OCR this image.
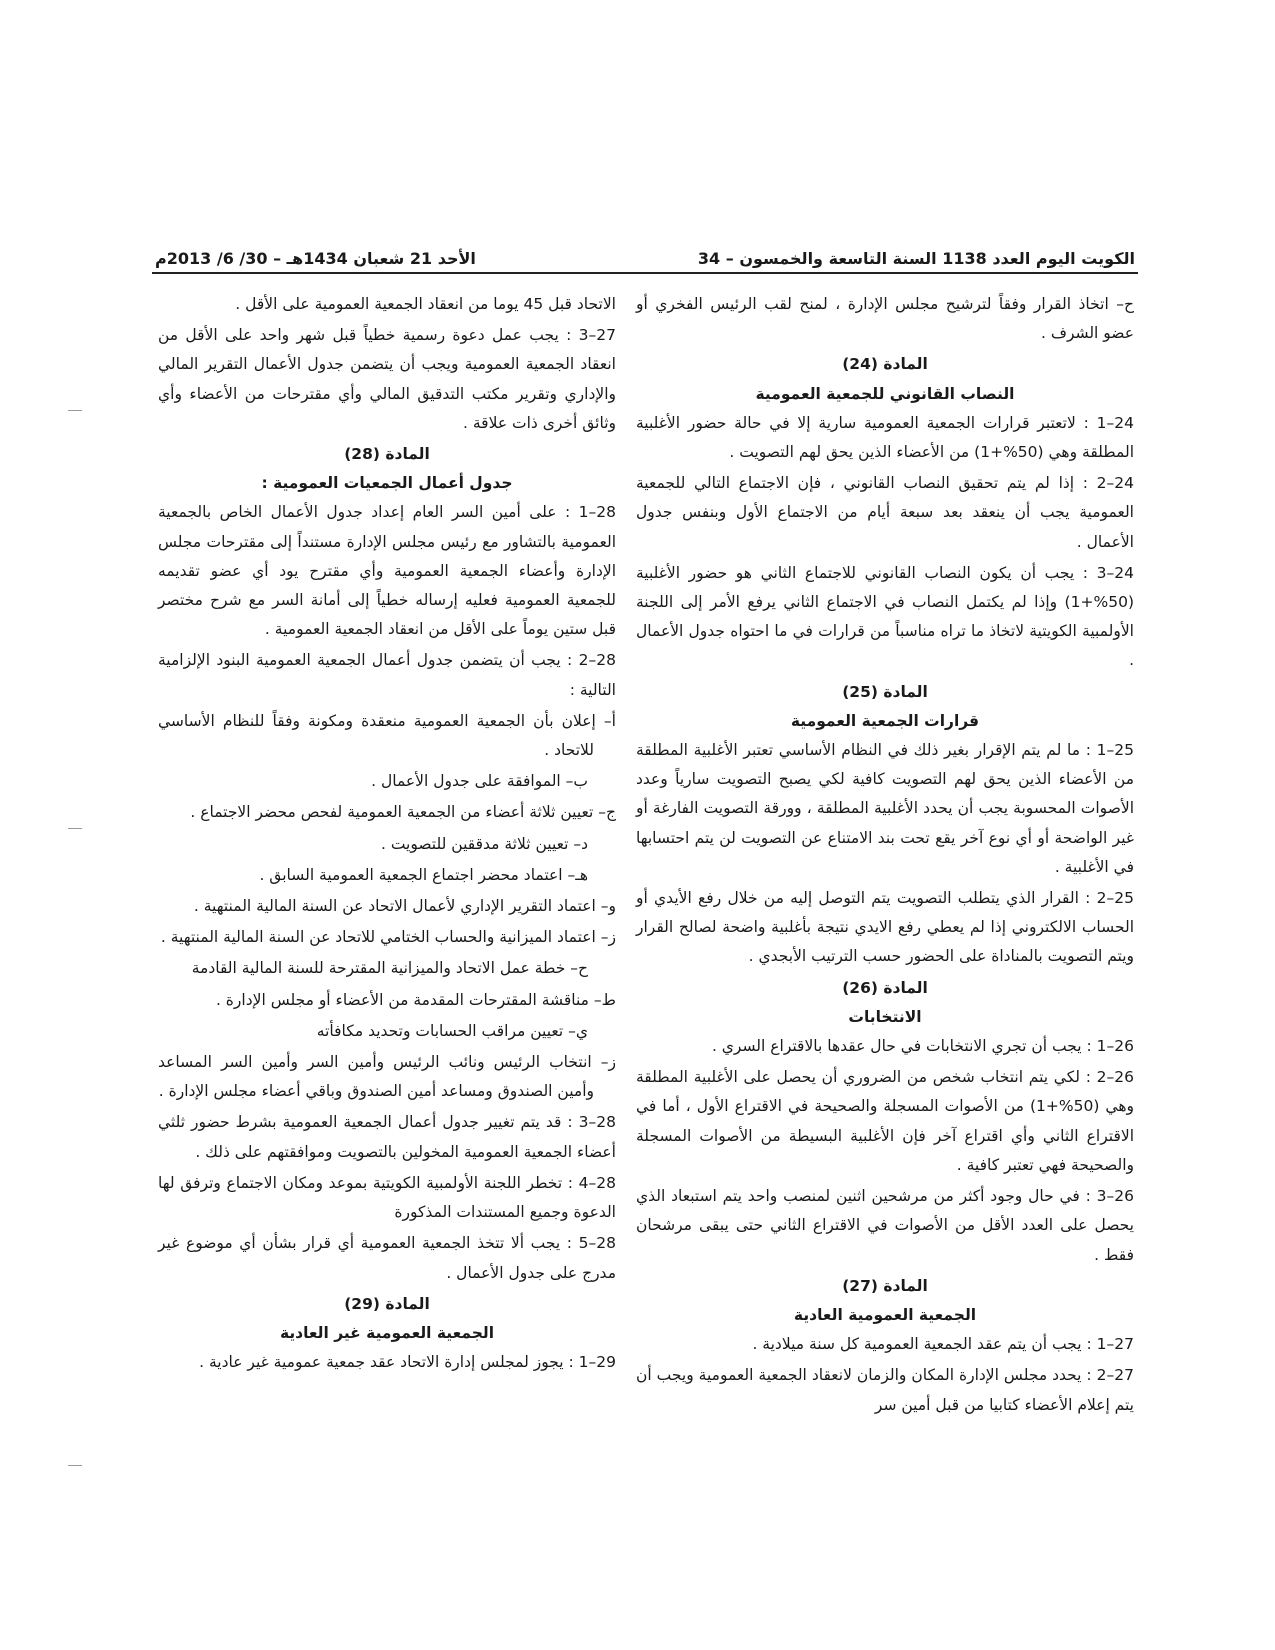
الكويت اليوم العدد 1138 السنة التاسعة والخمسون – 34
الأحد 21 شعبان 1434هـ – 30/ 6/ 2013م

ح– اتخاذ القرار وفقاً لترشيح مجلس الإدارة ، لمنح لقب الرئيس الفخري أو عضو الشرف .

المادة (24)

النصاب القانوني للجمعية العمومية

24–1 : لاتعتبر قرارات الجمعية العمومية سارية إلا في حالة حضور الأغلبية المطلقة وهي (50%+1) من الأعضاء الذين يحق لهم التصويت .

24–2 : إذا لم يتم تحقيق النصاب القانوني ، فإن الاجتماع التالي للجمعية العمومية يجب أن ينعقد بعد سبعة أيام من الاجتماع الأول وبنفس جدول الأعمال .

24–3 : يجب أن يكون النصاب القانوني للاجتماع الثاني هو حضور الأغلبية (50%+1) وإذا لم يكتمل النصاب في الاجتماع الثاني يرفع الأمر إلى اللجنة الأولمبية الكويتية لاتخاذ ما تراه مناسباً من قرارات في ما احتواه جدول الأعمال .

المادة (25)

قرارات الجمعية العمومية

25–1 : ما لم يتم الإقرار بغير ذلك في النظام الأساسي تعتبر الأغلبية المطلقة من الأعضاء الذين يحق لهم التصويت كافية لكي يصبح التصويت سارياً وعدد الأصوات المحسوبة يجب أن يحدد الأغلبية المطلقة ، وورقة التصويت الفارغة أو غير الواضحة أو أي نوع آخر يقع تحت بند الامتناع عن التصويت لن يتم احتسابها في الأغلبية .

25–2 : القرار الذي يتطلب التصويت يتم التوصل إليه من خلال رفع الأيدي أو الحساب الالكتروني إذا لم يعطي رفع الايدي نتيجة بأغلبية واضحة لصالح القرار ويتم التصويت بالمناداة على الحضور حسب الترتيب الأبجدي .

المادة (26)

الانتخابات

26–1 : يجب أن تجري الانتخابات في حال عقدها بالاقتراع السري .

26–2 : لكي يتم انتخاب شخص من الضروري أن يحصل على الأغلبية المطلقة وهي (50%+1) من الأصوات المسجلة والصحيحة في الاقتراع الأول ، أما في الاقتراع الثاني وأي اقتراع آخر فإن الأغلبية البسيطة من الأصوات المسجلة والصحيحة فهي تعتبر كافية .

26–3 : في حال وجود أكثر من مرشحين اثنين لمنصب واحد يتم استبعاد الذي يحصل على العدد الأقل من الأصوات في الاقتراع الثاني حتى يبقى مرشحان فقط .

المادة (27)

الجمعية العمومية العادية

27–1 : يجب أن يتم عقد الجمعية العمومية كل سنة ميلادية .

27–2 : يحدد مجلس الإدارة المكان والزمان لانعقاد الجمعية العمومية ويجب أن يتم إعلام الأعضاء كتابيا من قبل أمين سر

الاتحاد قبل 45 يوما من انعقاد الجمعية العمومية على الأقل .

27–3 : يجب عمل دعوة رسمية خطياً قبل شهر واحد على الأقل من انعقاد الجمعية العمومية ويجب أن يتضمن جدول الأعمال التقرير المالي والإداري وتقرير مكتب التدقيق المالي وأي مقترحات من الأعضاء وأي وثائق أخرى ذات علاقة .

المادة (28)

جدول أعمال الجمعيات العمومية :

28–1 : على أمين السر العام إعداد جدول الأعمال الخاص بالجمعية العمومية بالتشاور مع رئيس مجلس الإدارة مستنداً إلى مقترحات مجلس الإدارة وأعضاء الجمعية العمومية وأي مقترح يود أي عضو تقديمه للجمعية العمومية فعليه إرساله خطياً إلى أمانة السر مع شرح مختصر قبل ستين يوماً على الأقل من انعقاد الجمعية العمومية .

28–2 : يجب أن يتضمن جدول أعمال الجمعية العمومية البنود الإلزامية التالية :

أ– إعلان بأن الجمعية العمومية منعقدة ومكونة وفقاً للنظام الأساسي للاتحاد .

ب– الموافقة على جدول الأعمال .

ج– تعيين ثلاثة أعضاء من الجمعية العمومية لفحص محضر الاجتماع .

د– تعيين ثلاثة مدققين للتصويت .

هـ– اعتماد محضر اجتماع الجمعية العمومية السابق .

و– اعتماد التقرير الإداري لأعمال الاتحاد عن السنة المالية المنتهية .

ز– اعتماد الميزانية والحساب الختامي للاتحاد عن السنة المالية المنتهية .

ح– خطة عمل الاتحاد والميزانية المقترحة للسنة المالية القادمة

ط– مناقشة المقترحات المقدمة من الأعضاء أو مجلس الإدارة .

ي– تعيين مراقب الحسابات وتحديد مكافأته

ز– انتخاب الرئيس ونائب الرئيس وأمين السر وأمين السر المساعد وأمين الصندوق ومساعد أمين الصندوق وباقي أعضاء مجلس الإدارة .

28–3 : قد يتم تغيير جدول أعمال الجمعية العمومية بشرط حضور ثلثي أعضاء الجمعية العمومية المخولين بالتصويت وموافقتهم على ذلك .

28–4 : تخطر اللجنة الأولمبية الكويتية بموعد ومكان الاجتماع وترفق لها الدعوة وجميع المستندات المذكورة

28–5 : يجب ألا تتخذ الجمعية العمومية أي قرار بشأن أي موضوع غير مدرج على جدول الأعمال .

المادة (29)

الجمعية العمومية غير العادية

29–1 : يجوز لمجلس إدارة الاتحاد عقد جمعية عمومية غير عادية .
